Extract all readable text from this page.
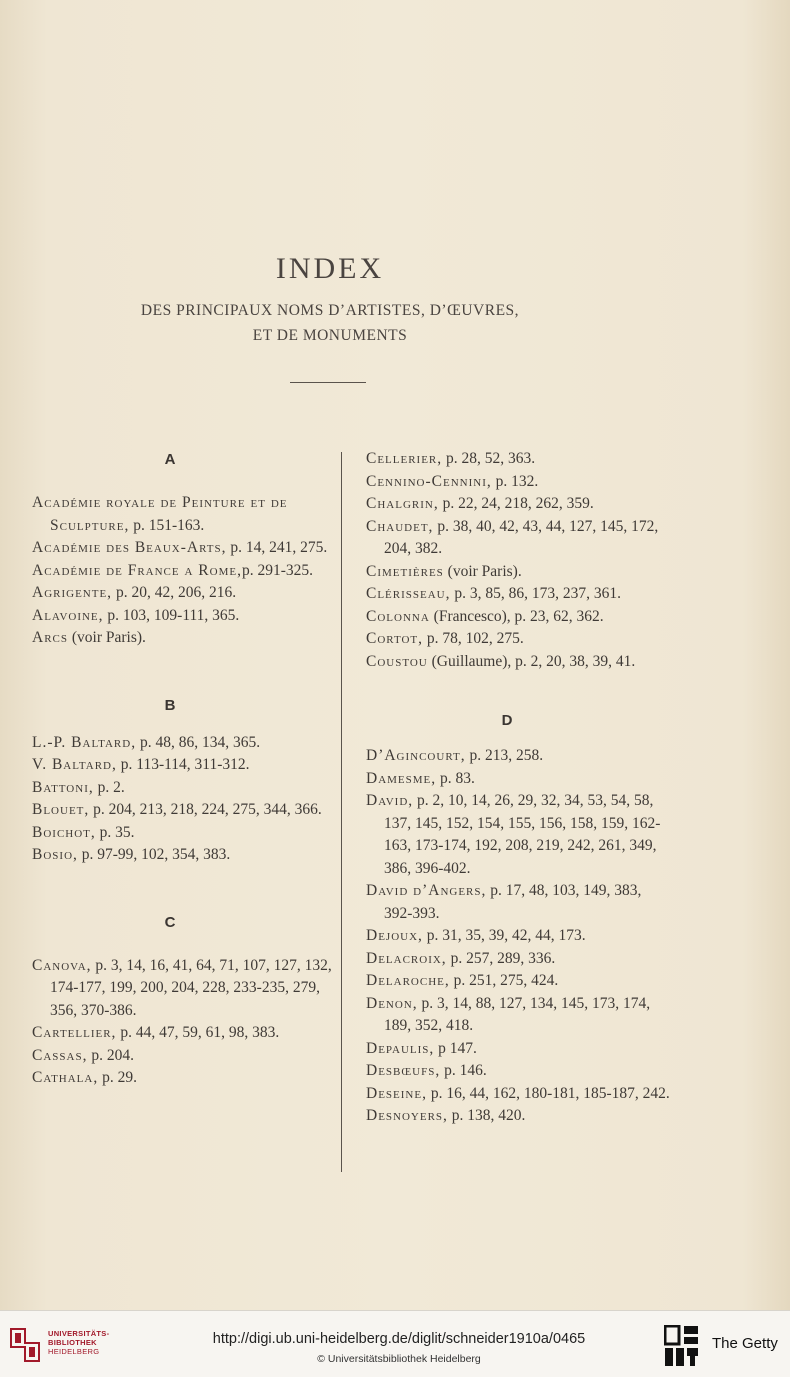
INDEX
DES PRINCIPAUX NOMS D’ARTISTES, D’ŒUVRES,
ET DE MONUMENTS
A
Académie royale de Peinture et de Sculpture, p. 151-163.
Académie des Beaux-Arts, p. 14, 241, 275.
Académie de France a Rome,p. 291-325.
Agrigente, p. 20, 42, 206, 216.
Alavoine, p. 103, 109-111, 365.
Arcs (voir Paris).
B
L.-P. Baltard, p. 48, 86, 134, 365.
V. Baltard, p. 113-114, 311-312.
Battoni, p. 2.
Blouet, p. 204, 213, 218, 224, 275, 344, 366.
Boichot, p. 35.
Bosio, p. 97-99, 102, 354, 383.
C
Canova, p. 3, 14, 16, 41, 64, 71, 107, 127, 132, 174-177, 199, 200, 204, 228, 233-235, 279, 356, 370-386.
Cartellier, p. 44, 47, 59, 61, 98, 383.
Cassas, p. 204.
Cathala, p. 29.
Cellerier, p. 28, 52, 363.
Cennino-Cennini, p. 132.
Chalgrin, p. 22, 24, 218, 262, 359.
Chaudet, p. 38, 40, 42, 43, 44, 127, 145, 172, 204, 382.
Cimetières (voir Paris).
Clérisseau, p. 3, 85, 86, 173, 237, 361.
Colonna (Francesco), p. 23, 62, 362.
Cortot, p. 78, 102, 275.
Coustou (Guillaume), p. 2, 20, 38, 39, 41.
D
D’Agincourt, p. 213, 258.
Damesme, p. 83.
David, p. 2, 10, 14, 26, 29, 32, 34, 53, 54, 58, 137, 145, 152, 154, 155, 156, 158, 159, 162-163, 173-174, 192, 208, 219, 242, 261, 349, 386, 396-402.
David d’Angers, p. 17, 48, 103, 149, 383, 392-393.
Dejoux, p. 31, 35, 39, 42, 44, 173.
Delacroix, p. 257, 289, 336.
Delaroche, p. 251, 275, 424.
Denon, p. 3, 14, 88, 127, 134, 145, 173, 174, 189, 352, 418.
Depaulis, p 147.
Desbœufs, p. 146.
Deseine, p. 16, 44, 162, 180-181, 185-187, 242.
Desnoyers, p. 138, 420.
UNIVERSITÄTS-
BIBLIOTHEK
HEIDELBERG
http://digi.ub.uni-heidelberg.de/diglit/schneider1910a/0465
© Universitätsbibliothek Heidelberg
The Getty
